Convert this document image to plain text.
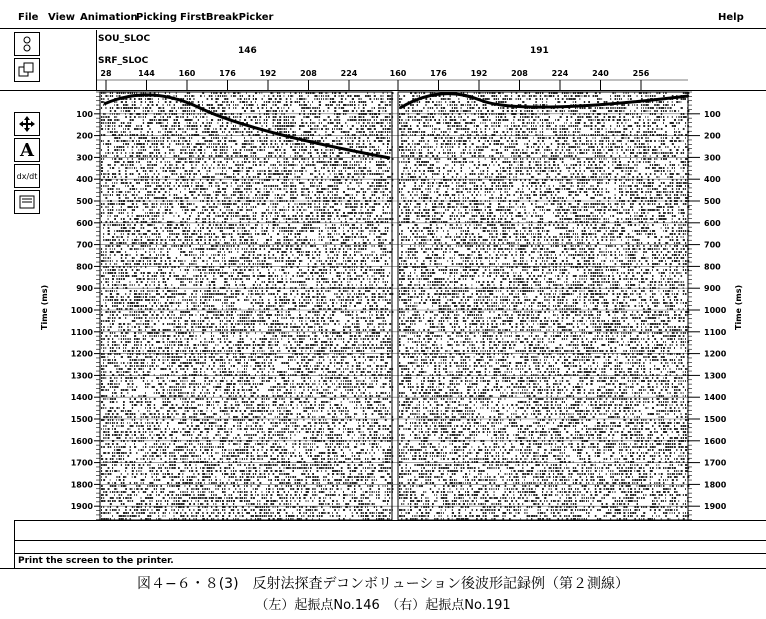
File View Animation
Picking FirstBreakPicker	Help
A
dx/dt
SOU_SLOC
146	191
SRF_SLOC
Time (ms)	Time (ms)
100	100
200	200
300	300
400	400
500	500
600	600
700	700
800	800
900	900
1000	1000
1100	1100
1200	1200
1300	1300
1400	1400
1500	1500
1600	1600
1700	1700
1800	1800
1900	1900
28	144	160	176	192	208	224	160	176	192	208	224	240	256
Print the screen to the printer.
図４−６・８(3)　反射法探査デコンボリューション後波形記録例（第２測線）
（左）起振点No.146　（右）起振点No.191
